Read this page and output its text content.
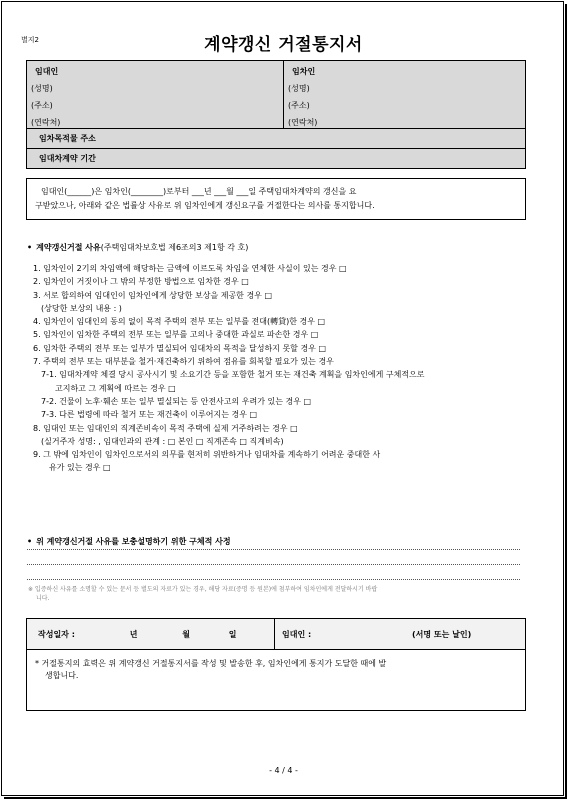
별지2	계약갱신 거절통지서
임대인
(성명)
(주소)
(연락처)

임차인
(성명)
(주소)
(연락처)

임차목적물 주소
임대차계약 기간

임대인(______)은 임차인(________)로부터 ___년 ___월 ___일 주택임대차계약의 갱신을 요

구받았으나, 아래와 같은 법률상 사유로 위 임차인에게 갱신요구를 거절한다는 의사를 통지합니다.

• 계약갱신거절 사유(주택임대차보호법 제6조의3 제1항 각 호)
1. 임차인이 2기의 차임액에 해당하는 금액에 이르도록 차임을 연체한 사실이 있는 경우 □
2. 임차인이 거짓이나 그 밖의 부정한 방법으로 임차한 경우 □
3. 서로 합의하여 임대인이 임차인에게 상당한 보상을 제공한 경우 □
(상당한 보상의 내용 : )
4. 임차인이 임대인의 동의 없이 목적 주택의 전부 또는 일부를 전대(轉貸)한 경우 □
5. 임차인이 임차한 주택의 전부 또는 일부를 고의나 중대한 과실로 파손한 경우 □
6. 임차한 주택의 전부 또는 일부가 멸실되어 임대차의 목적을 달성하지 못할 경우 □
7. 주택의 전부 또는 대부분을 철거·재건축하기 위하여 점유를 회복할 필요가 있는 경우
7-1. 임대차계약 체결 당시 공사시기 및 소요기간 등을 포함한 철거 또는 재건축 계획을 임차인에게 구체적으로
고지하고 그 계획에 따르는 경우 □
7-2. 건물이 노후·훼손 또는 일부 멸실되는 등 안전사고의 우려가 있는 경우 □
7-3. 다른 법령에 따라 철거 또는 재건축이 이루어지는 경우 □
8. 임대인 또는 임대인의 직계존비속이 목적 주택에 실제 거주하려는 경우 □
(실거주자 성명: , 임대인과의 관계 : □ 본인 □ 직계존속 □ 직계비속)
9. 그 밖에 임차인이 임차인으로서의 의무를 현저히 위반하거나 임대차를 계속하기 어려운 중대한 사
유가 있는 경우 □
• 위 계약갱신거절 사유를 보충설명하기 위한 구체적 사정
※ 입증하신 사유를 소명할 수 있는 문서 등 별도의 자료가 있는 경우, 해당 자료(증명 등 원본)에 첨부하여 임차인에게 전달하시기 바랍
니다.
작성일자 :	년	월	일	임대인 :	(서명 또는 날인)

* 거절통지의 효력은 위 계약갱신 거절통지서를 작성 및 발송한 후, 임차인에게 통지가 도달한 때에 발
생합니다.
- 4 / 4 -
